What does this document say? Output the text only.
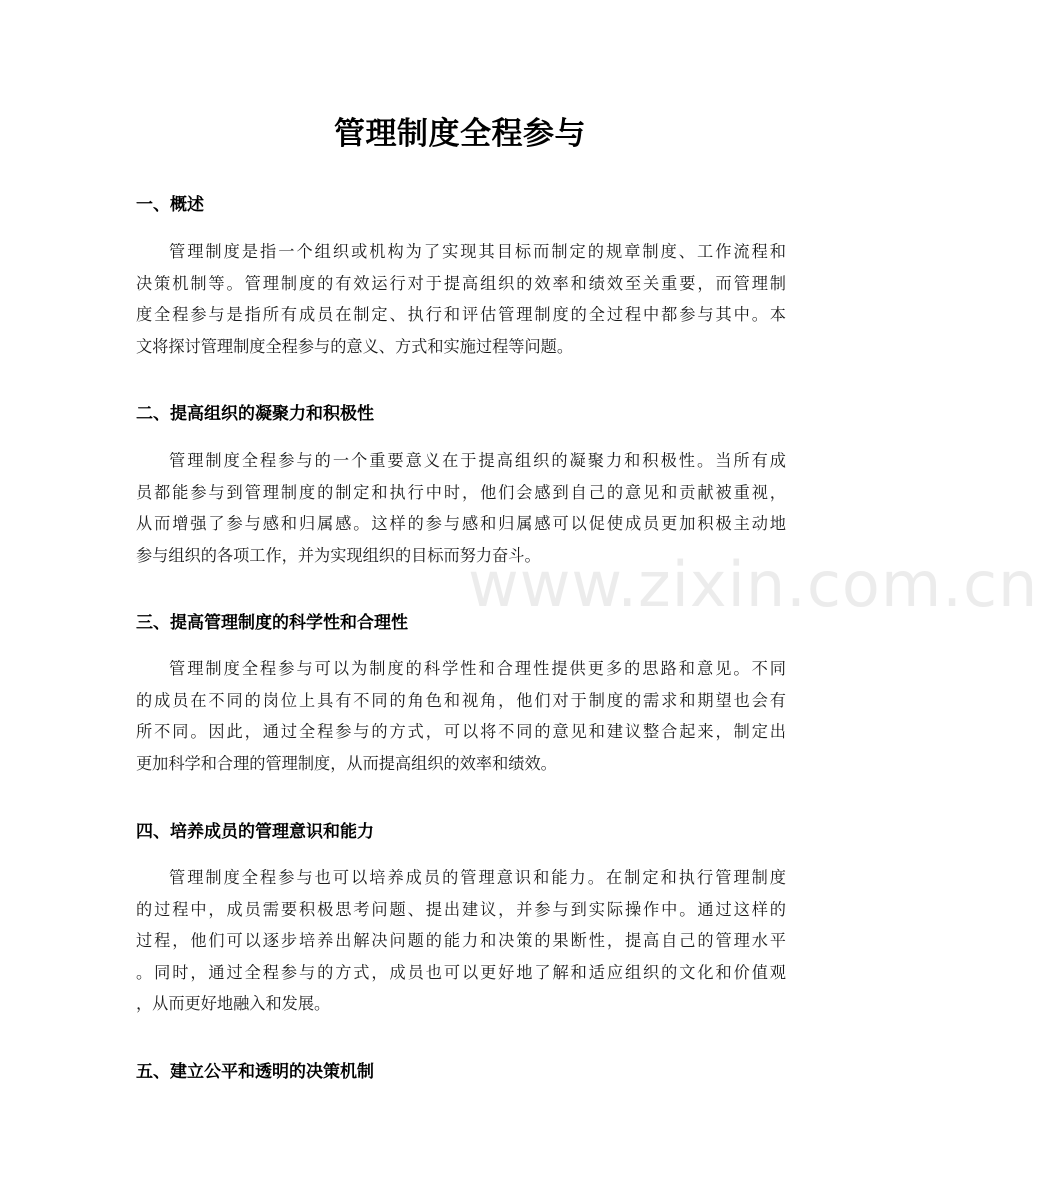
www.zixin.com.cn
管理制度全程参与
一、概述
管理制度是指一个组织或机构为了实现其目标而制定的规章制度、工作流程和
决策机制等。管理制度的有效运行对于提高组织的效率和绩效至关重要，而管理制
度全程参与是指所有成员在制定、执行和评估管理制度的全过程中都参与其中。本
文将探讨管理制度全程参与的意义、方式和实施过程等问题。
二、提高组织的凝聚力和积极性
管理制度全程参与的一个重要意义在于提高组织的凝聚力和积极性。当所有成
员都能参与到管理制度的制定和执行中时，他们会感到自己的意见和贡献被重视，
从而增强了参与感和归属感。这样的参与感和归属感可以促使成员更加积极主动地
参与组织的各项工作，并为实现组织的目标而努力奋斗。
三、提高管理制度的科学性和合理性
管理制度全程参与可以为制度的科学性和合理性提供更多的思路和意见。不同
的成员在不同的岗位上具有不同的角色和视角，他们对于制度的需求和期望也会有
所不同。因此，通过全程参与的方式，可以将不同的意见和建议整合起来，制定出
更加科学和合理的管理制度，从而提高组织的效率和绩效。
四、培养成员的管理意识和能力
管理制度全程参与也可以培养成员的管理意识和能力。在制定和执行管理制度
的过程中，成员需要积极思考问题、提出建议，并参与到实际操作中。通过这样的
过程，他们可以逐步培养出解决问题的能力和决策的果断性，提高自己的管理水平
。同时，通过全程参与的方式，成员也可以更好地了解和适应组织的文化和价值观
，从而更好地融入和发展。
五、建立公平和透明的决策机制
